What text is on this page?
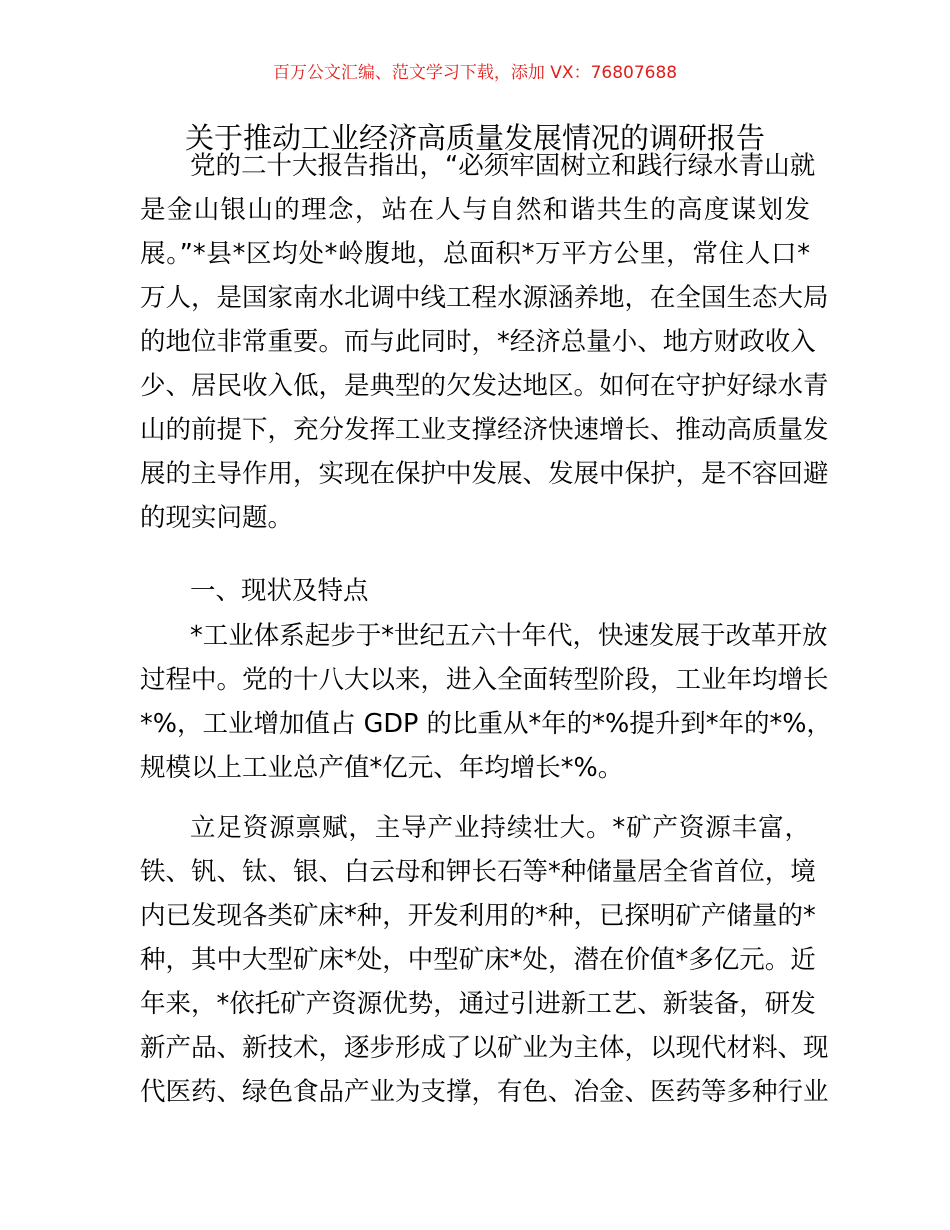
百万公文汇编、范文学习下载，添加 VX：76807688
关于推动工业经济高质量发展情况的调研报告
党的二十大报告指出，“必须牢固树立和践行绿水青山就
是金山银山的理念，站在人与自然和谐共生的高度谋划发
展。”*县*区均处*岭腹地，总面积*万平方公里，常住人口*
万人，是国家南水北调中线工程水源涵养地，在全国生态大局
的地位非常重要。而与此同时，*经济总量小、地方财政收入
少、居民收入低，是典型的欠发达地区。如何在守护好绿水青
山的前提下，充分发挥工业支撑经济快速增长、推动高质量发
展的主导作用，实现在保护中发展、发展中保护，是不容回避
的现实问题。
一、现状及特点
*工业体系起步于*世纪五六十年代，快速发展于改革开放
过程中。党的十八大以来，进入全面转型阶段，工业年均增长
*%，工业增加值占 GDP 的比重从*年的*%提升到*年的*%，
规模以上工业总产值*亿元、年均增长*%。
立足资源禀赋，主导产业持续壮大。*矿产资源丰富，
铁、钒、钛、银、白云母和钾长石等*种储量居全省首位，境
内已发现各类矿床*种，开发利用的*种，已探明矿产储量的*
种，其中大型矿床*处，中型矿床*处，潜在价值*多亿元。近
年来，*依托矿产资源优势，通过引进新工艺、新装备，研发
新产品、新技术，逐步形成了以矿业为主体，以现代材料、现
代医药、绿色食品产业为支撑，有色、冶金、医药等多种行业
